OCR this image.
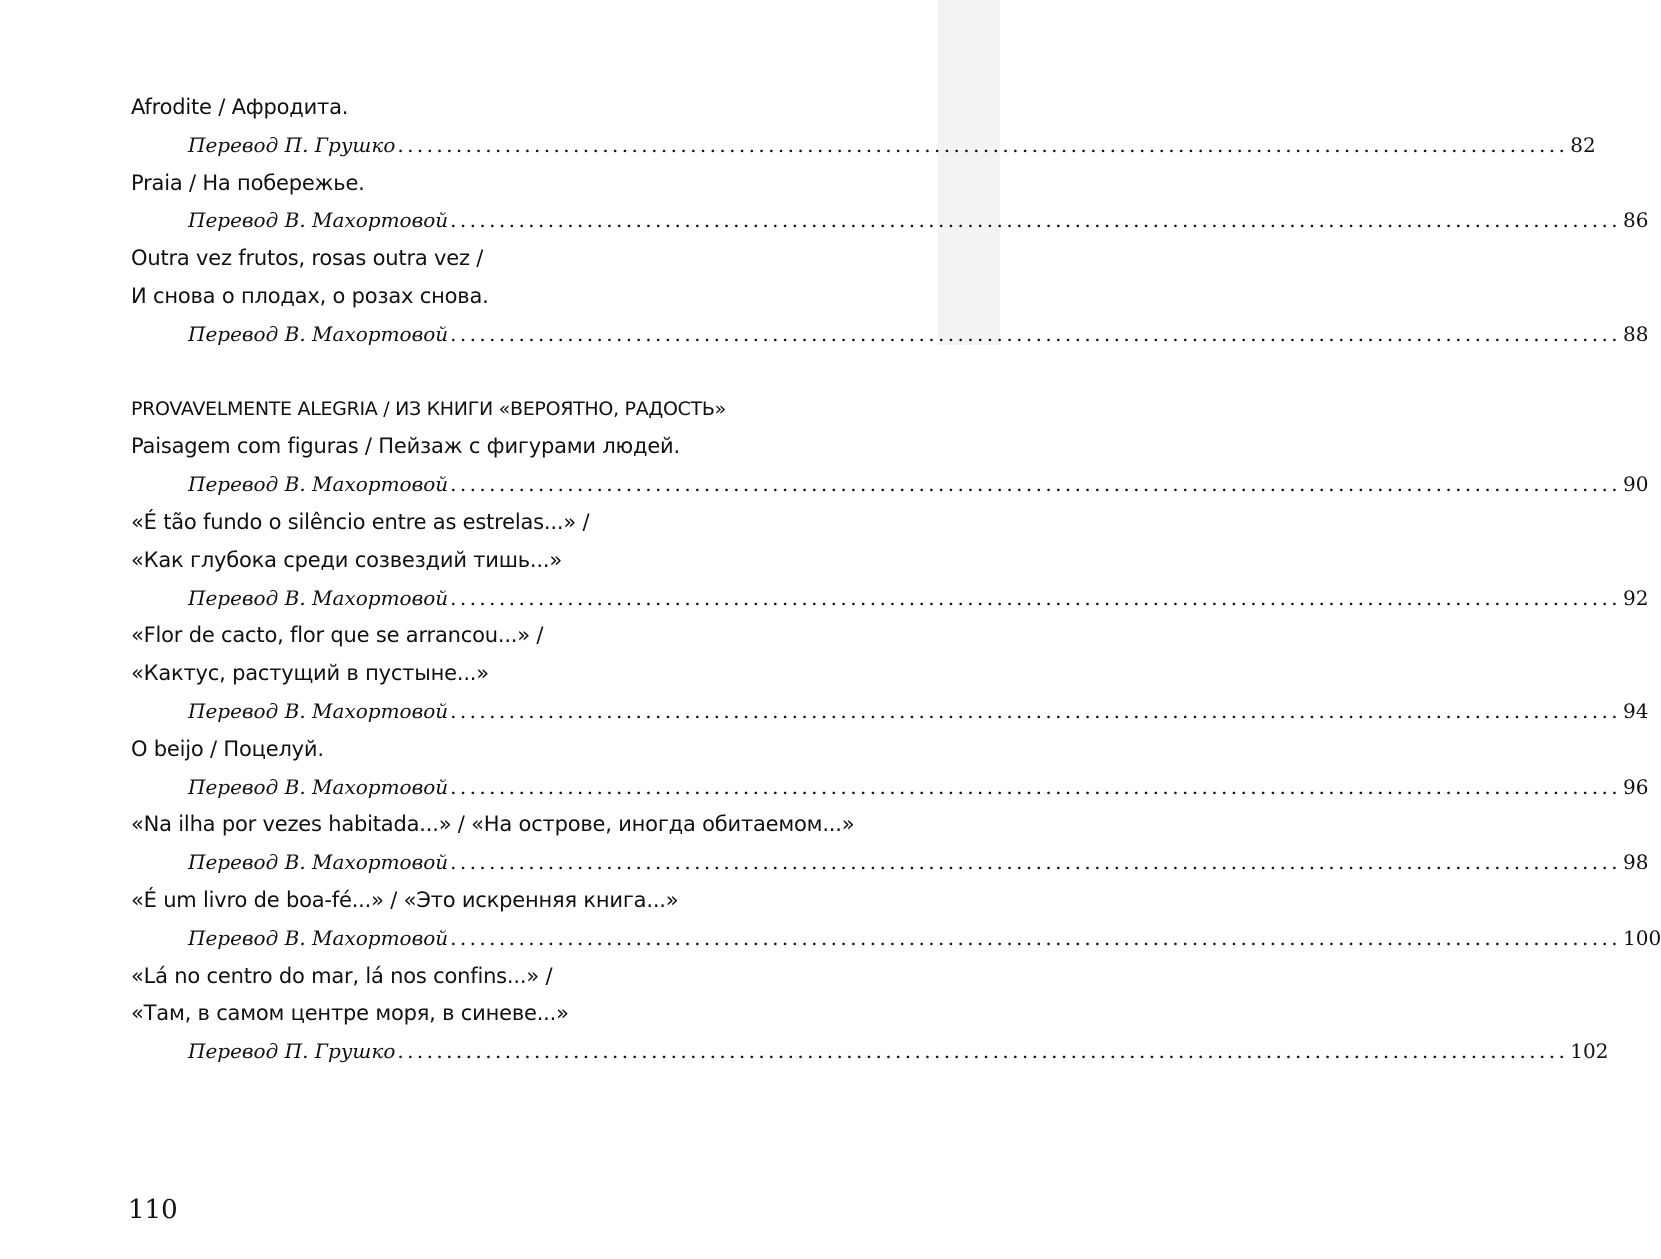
Afrodite / Афродита.
Перевод П. Грушко ........................................................................................................................ 82
Praia / На побережье.
Перевод В. Махортовой ........................................................................................................................ 86
Outra vez frutos, rosas outra vez /
И снова о плодах, о розах снова.
Перевод В. Махортовой ........................................................................................................................ 88
PROVAVELMENTE ALEGRIA / ИЗ КНИГИ «ВЕРОЯТНО, РАДОСТЬ»
Paisagem com figuras / Пейзаж с фигурами людей.
Перевод В. Махортовой ........................................................................................................................ 90
«É tão fundo o silêncio entre as estrelas...» /
«Как глубока среди созвездий тишь...»
Перевод В. Махортовой ........................................................................................................................ 92
«Flor de cacto, flor que se arrancou...» /
«Кактус, растущий в пустыне...»
Перевод В. Махортовой ........................................................................................................................ 94
O beijo / Поцелуй.
Перевод В. Махортовой ........................................................................................................................ 96
«Na ilha por vezes habitada...» / «На острове, иногда обитаемом...»
Перевод В. Махортовой ........................................................................................................................ 98
«É um livro de boa-fé...» / «Это искренняя книга...»
Перевод В. Махортовой ........................................................................................................................ 100
«Lá no centro do mar, lá nos confins...» /
«Там, в самом центре моря, в синеве...»
Перевод П. Грушко ........................................................................................................................ 102
110
